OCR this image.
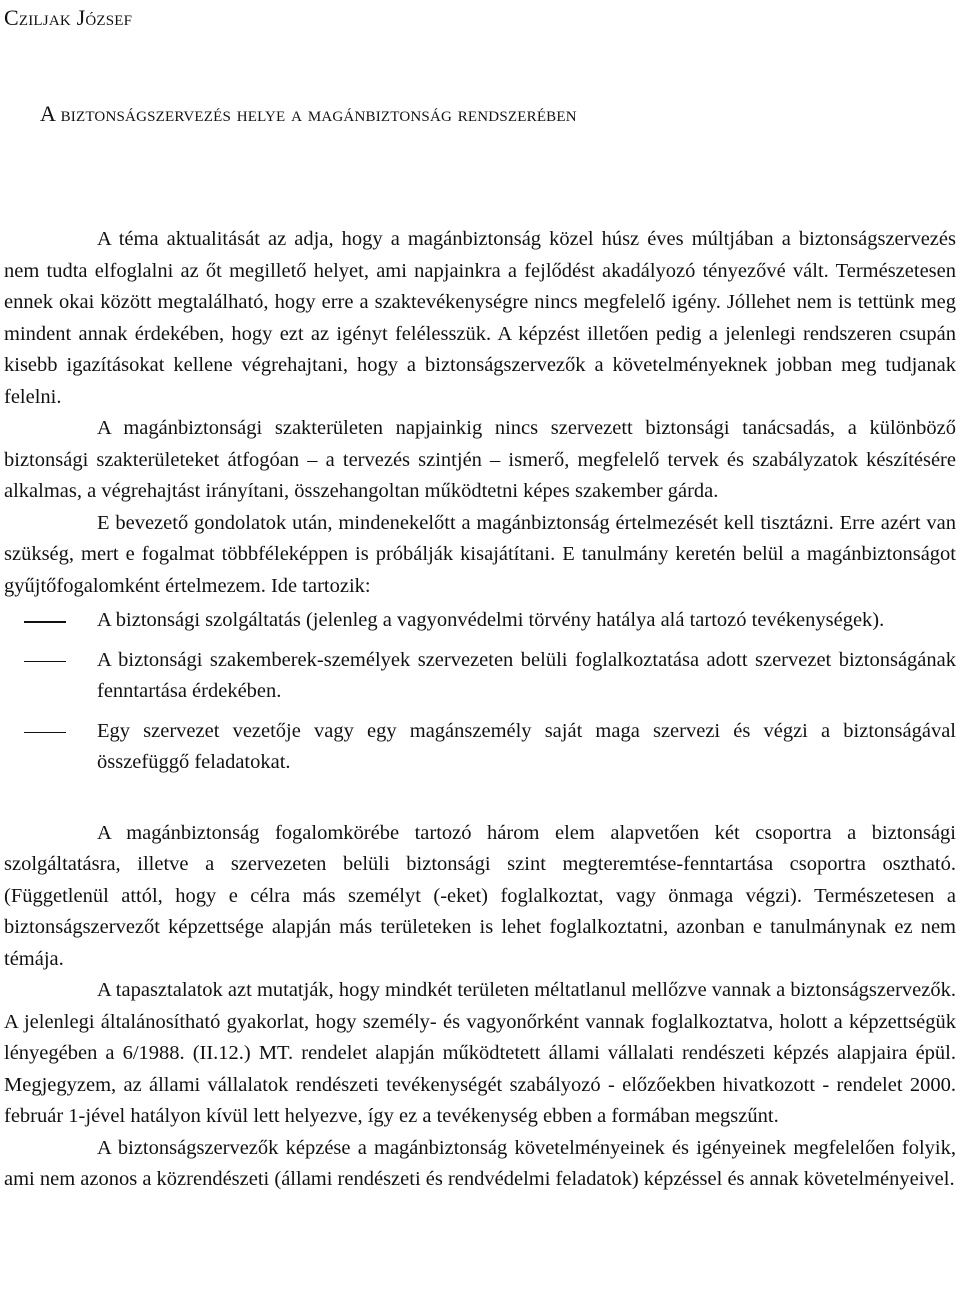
Cziljak József
A biztonságszervezés helye a magánbiztonság rendszerében

A téma aktualitását az adja, hogy a magánbiztonság közel húsz éves múltjában a biztonságszervezés nem tudta elfoglalni az őt megillető helyet, ami napjainkra a fejlődést akadályozó tényezővé vált. Természetesen ennek okai között megtalálható, hogy erre a szaktevékenységre nincs megfelelő igény. Jóllehet nem is tettünk meg mindent annak érdekében, hogy ezt az igényt felélesszük. A képzést illetően pedig a jelenlegi rendszeren csupán kisebb igazításokat kellene végrehajtani, hogy a biztonságszervezők a követelményeknek jobban meg tudjanak felelni.

A magánbiztonsági szakterületen napjainkig nincs szervezett biztonsági tanácsadás, a különböző biztonsági szakterületeket átfogóan – a tervezés szintjén – ismerő, megfelelő tervek és szabályzatok készítésére alkalmas, a végrehajtást irányítani, összehangoltan működtetni képes szakember gárda.

E bevezető gondolatok után, mindenekelőtt a magánbiztonság értelmezését kell tisztázni. Erre azért van szükség, mert e fogalmat többféleképpen is próbálják kisajátítani. E tanulmány keretén belül a magánbiztonságot gyűjtőfogalomként értelmezem. Ide tartozik:

A biztonsági szolgáltatás (jelenleg a vagyonvédelmi törvény hatálya alá tartozó tevékenységek).
A biztonsági szakemberek-személyek szervezeten belüli foglalkoztatása adott szervezet biztonságának fenntartása érdekében.
Egy szervezet vezetője vagy egy magánszemély saját maga szervezi és végzi a biztonságával összefüggő feladatokat.

A magánbiztonság fogalomkörébe tartozó három elem alapvetően két csoportra a biztonsági szolgáltatásra, illetve a szervezeten belüli biztonsági szint megteremtése-fenntartása csoportra osztható. (Függetlenül attól, hogy e célra más személyt (-eket) foglalkoztat, vagy önmaga végzi). Természetesen a biztonságszervezőt képzettsége alapján más területeken is lehet foglalkoztatni, azonban e tanulmánynak ez nem témája.

A tapasztalatok azt mutatják, hogy mindkét területen méltatlanul mellőzve vannak a biztonságszervezők. A jelenlegi általánosítható gyakorlat, hogy személy- és vagyonőrként vannak foglalkoztatva, holott a képzettségük lényegében a 6/1988. (II.12.) MT. rendelet alapján működtetett állami vállalati rendészeti képzés alapjaira épül. Megjegyzem, az állami vállalatok rendészeti tevékenységét szabályozó - előzőekben hivatkozott - rendelet 2000. február 1-jével hatályon kívül lett helyezve, így ez a tevékenység ebben a formában megszűnt.

A biztonságszervezők képzése a magánbiztonság követelményeinek és igényeinek megfelelően folyik, ami nem azonos a közrendészeti (állami rendészeti és rendvédelmi feladatok) képzéssel és annak követelményeivel.
